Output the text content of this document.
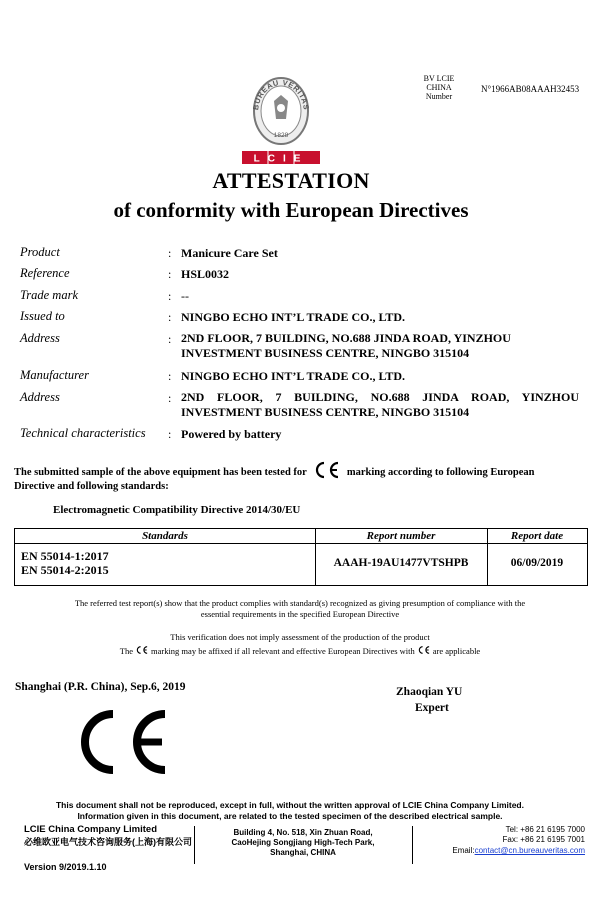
BUREAU VERITAS
1828
LCIE
BV LCIE
CHINA
Number
N°1966AB08AAAH32453
ATTESTATION
of conformity with European Directives
Product	: Manicure Care Set
Reference	: HSL0032
Trade mark	: --
Issued to	: NINGBO ECHO INT’L TRADE CO., LTD.
Address	: 2ND FLOOR, 7 BUILDING, NO.688 JINDA ROAD, YINZHOU
INVESTMENT BUSINESS CENTRE, NINGBO 315104
Manufacturer	: NINGBO ECHO INT’L TRADE CO., LTD.
Address	: 2ND FLOOR, 7 BUILDING, NO.688 JINDA ROAD, YINZHOU
INVESTMENT BUSINESS CENTRE, NINGBO 315104
Technical characteristics : Powered by battery
The submitted sample of the above equipment has been tested for	marking according to following European
Directive and following standards:
Electromagnetic Compatibility Directive 2014/30/EU
Standards	Report number	Report date
EN 55014-1:2017
EN 55014-2:2015	AAAH-19AU1477VTSHPB	06/09/2019
The referred test report(s) show that the product complies with standard(s) recognized as giving presumption of compliance with the
essential requirements in the specified European Directive
This verification does not imply assessment of the production of the product
The marking may be affixed if all relevant and effective European Directives with are applicable
Shanghai (P.R. China), Sep.6, 2019	Zhaoqian YU
Expert
This document shall not be reproduced, except in full, without the written approval of LCIE China Company Limited.
Information given in this document, are related to the tested specimen of the described electrical sample.
LCIE China Company Limited
必维欧亚电气技术咨询服务(上海)有限公司
Version 9/2019.1.10
Building 4, No. 518, Xin Zhuan Road,
CaoHejing Songjiang High-Tech Park,
Shanghai, CHINA
Tel: +86 21 6195 7000
Fax: +86 21 6195 7001
Email:contact@cn.bureauveritas.com
